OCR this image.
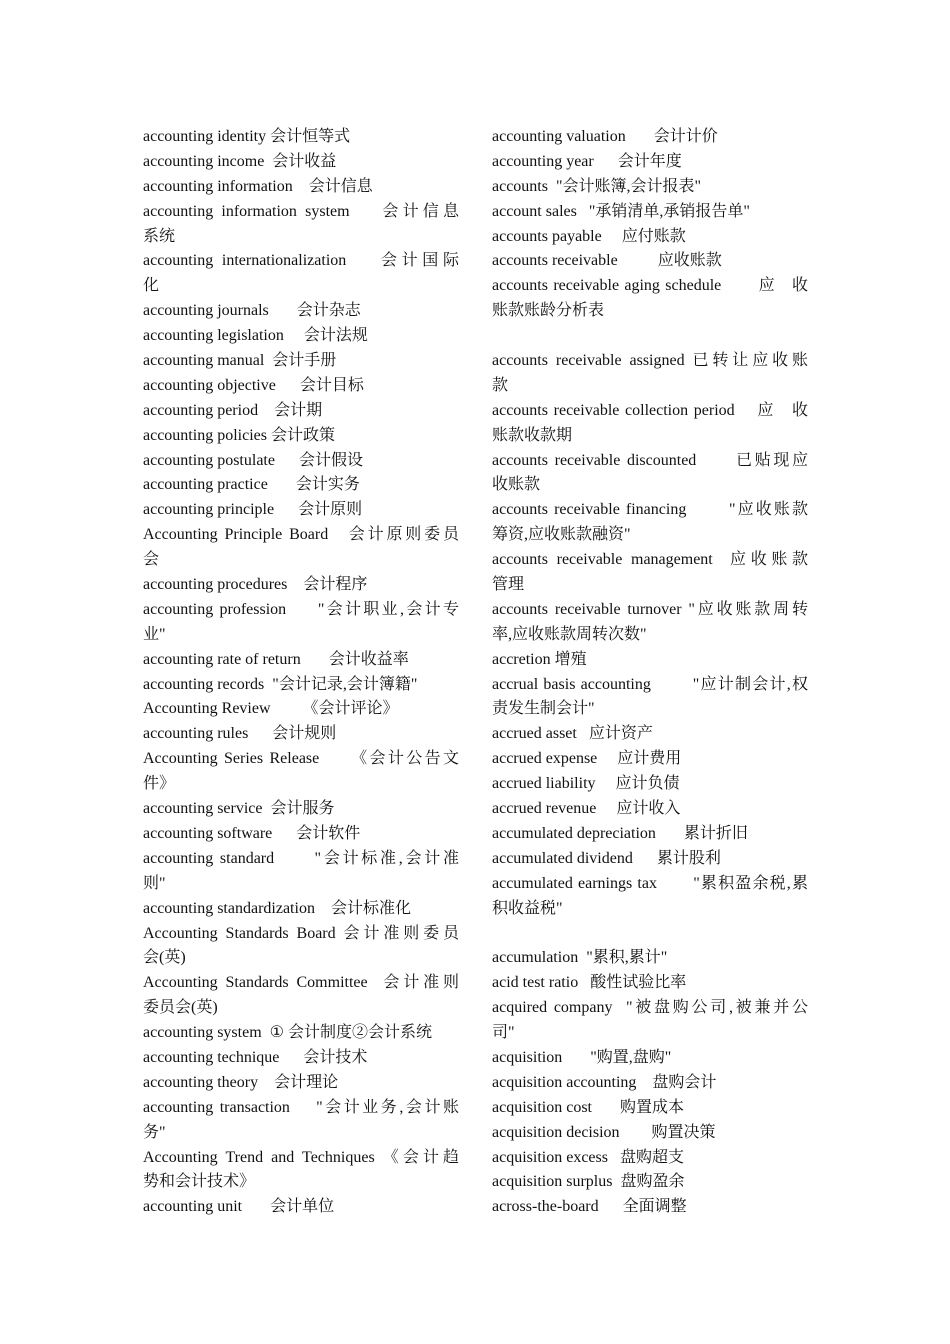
accounting identity 会计恒等式
accounting income  会计收益
accounting information    会计信息
accounting information system    会计信息
系统
accounting internationalization    会计国际
化
accounting journals       会计杂志
accounting legislation     会计法规
accounting manual  会计手册
accounting objective      会计目标
accounting period    会计期
accounting policies 会计政策
accounting postulate      会计假设
accounting practice       会计实务
accounting principle      会计原则
Accounting Principle Board   会计原则委员
会
accounting procedures    会计程序
accounting profession     "会计职业,会计专
业"
accounting rate of return       会计收益率
accounting records  "会计记录,会计簿籍"
Accounting Review        《会计评论》
accounting rules      会计规则
Accounting Series Release     《会计公告文
件》
accounting service  会计服务
accounting software      会计软件
accounting standard      "会计标准,会计准
则"
accounting standardization    会计标准化
Accounting Standards Board 会计准则委员
会(英)
Accounting Standards Committee  会计准则
委员会(英)
accounting system  ① 会计制度②会计系统
accounting technique      会计技术
accounting theory    会计理论
accounting transaction    "会计业务,会计账
务"
Accounting Trend and Techniques 《会计趋
势和会计技术》
accounting unit       会计单位
accounting valuation       会计计价
accounting year      会计年度
accounts  "会计账簿,会计报表"
account sales   "承销清单,承销报告单"
accounts payable     应付账款
accounts receivable          应收账款
accounts receivable aging schedule       应   收
账款账龄分析表
accounts receivable assigned 已转让应收账
款
accounts receivable collection period    应   收
账款收款期
accounts receivable discounted      已贴现应
收账款
accounts receivable financing       "应收账款
筹资,应收账款融资"
accounts receivable management  应收账款
管理
accounts receivable turnover "应收账款周转
率,应收账款周转次数"
accretion 增殖
accrual basis accounting        "应计制会计,权
责发生制会计"
accrued asset   应计资产
accrued expense     应计费用
accrued liability     应计负债
accrued revenue     应计收入
accumulated depreciation       累计折旧
accumulated dividend      累计股利
accumulated earnings tax       "累积盈余税,累
积收益税"
accumulation  "累积,累计"
acid test ratio   酸性试验比率
acquired company  "被盘购公司,被兼并公
司"
acquisition       "购置,盘购"
acquisition accounting    盘购会计
acquisition cost       购置成本
acquisition decision        购置决策
acquisition excess   盘购超支
acquisition surplus  盘购盈余
across-the-board      全面调整
